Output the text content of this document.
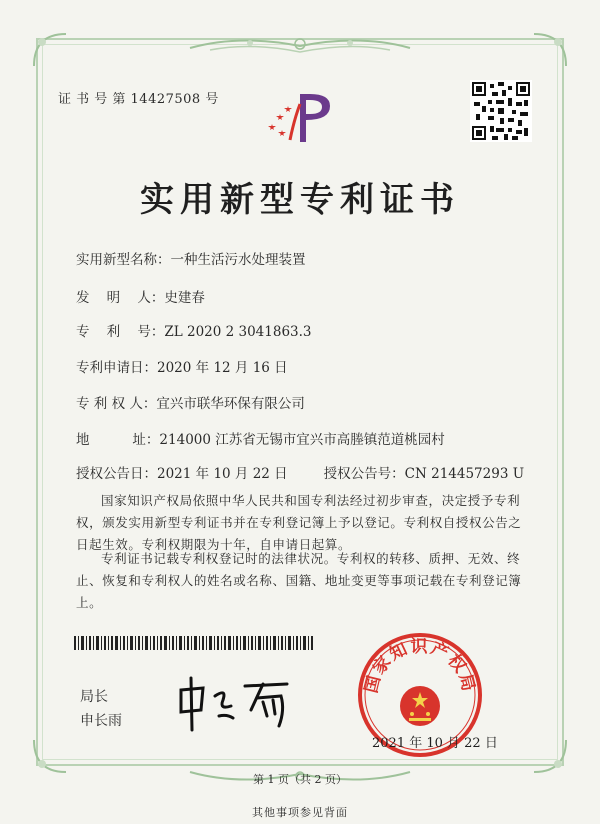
证 书 号 第 14427508 号
实用新型专利证书
实用新型名称：一种生活污水处理装置
发    明    人：史建春
专    利    号：ZL 2020 2 3041863.3
专利申请日：2020 年 12 月 16 日
专 利 权 人：宜兴市联华环保有限公司
地          址：214000 江苏省无锡市宜兴市高塍镇范道桃园村
授权公告日：2021 年 10 月 22 日	授权公告号：CN 214457293 U
国家知识产权局依照中华人民共和国专利法经过初步审查，决定授予专利权，颁发实用新型专利证书并在专利登记簿上予以登记。专利权自授权公告之日起生效。专利权期限为十年，自申请日起算。
专利证书记载专利权登记时的法律状况。专利权的转移、质押、无效、终止、恢复和专利权人的姓名或名称、国籍、地址变更等事项记载在专利登记簿上。
局长
申长雨
国家知识产权局
2021 年 10 月 22 日
第 1 页（共 2 页）
其他事项参见背面
